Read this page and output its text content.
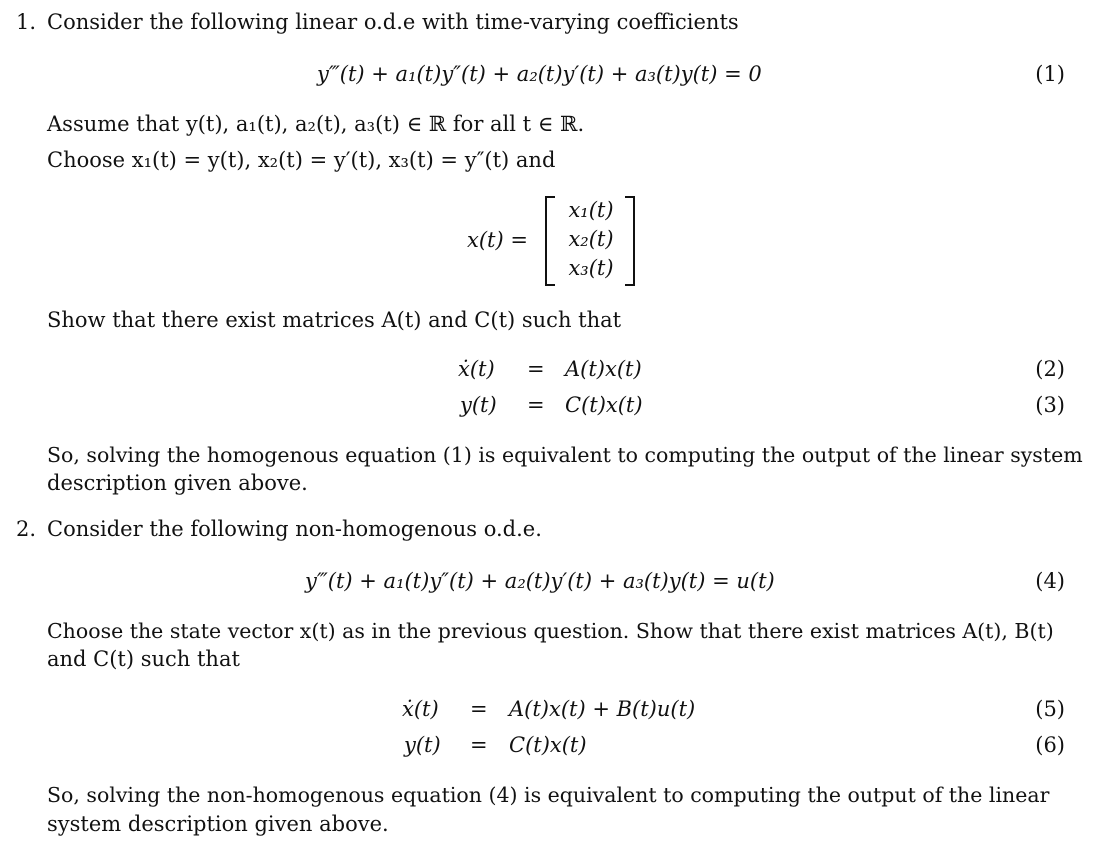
1. Consider the following linear o.d.e with time-varying coefficients
y‴(t) + a₁(t)y″(t) + a₂(t)y′(t) + a₃(t)y(t) = 0	(1)
Assume that y(t), a₁(t), a₂(t), a₃(t) ∈ ℝ for all t ∈ ℝ.
Choose x₁(t) = y(t), x₂(t) = y′(t), x₃(t) = y″(t) and
x(t) =
x₁(t)
x₂(t)
x₃(t)
Show that there exist matrices A(t) and C(t) such that
ẋ(t) = A(t)x(t)	(2)
y(t) = C(t)x(t)	(3)
So, solving the homogenous equation (1) is equivalent to computing the output of the linear system
description given above.
2. Consider the following non-homogenous o.d.e.
y‴(t) + a₁(t)y″(t) + a₂(t)y′(t) + a₃(t)y(t) = u(t)	(4)
Choose the state vector x(t) as in the previous question. Show that there exist matrices A(t), B(t)
and C(t) such that
ẋ(t) = A(t)x(t) + B(t)u(t)	(5)
y(t) = C(t)x(t)	(6)
So, solving the non-homogenous equation (4) is equivalent to computing the output of the linear
system description given above.
